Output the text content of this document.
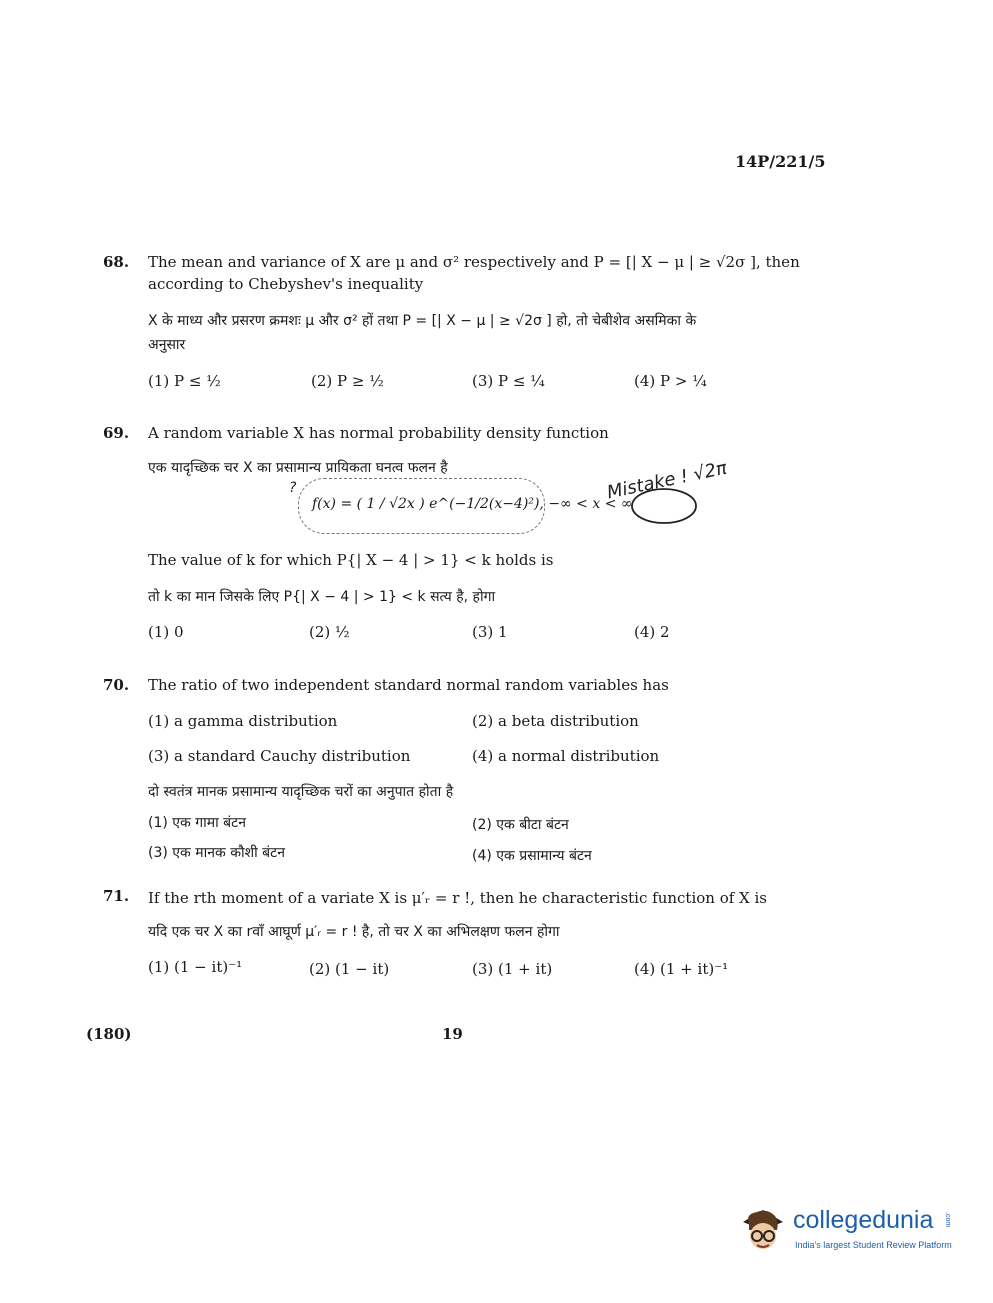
14P/221/5
68. The mean and variance of X are μ and σ² respectively and P = [| X − μ | ≥ √2σ ], then
according to Chebyshev's inequality
X के माध्य और प्रसरण क्रमशः μ और σ² हों तथा P = [| X − μ | ≥ √2σ ] हो, तो चेबीशेव असमिका के
अनुसार
(1) P ≤ ½	(2) P ≥ ½	(3) P ≤ ¼	(4) P > ¼
69. A random variable X has normal probability density function
एक यादृच्छिक चर X का प्रसामान्य प्रायिकता घनत्व फलन है
?
f(x) = ( 1 / √2x ) e^(−1/2(x−4)²), −∞ < x < ∞
Mistake ! √2π
The value of k for which P{| X − 4 | > 1} < k holds is
तो k का मान जिसके लिए P{| X − 4 | > 1} < k सत्य है, होगा
(1) 0	(2) ½	(3) 1	(4) 2
70. The ratio of two independent standard normal random variables has
(1) a gamma distribution	(2) a beta distribution
(3) a standard Cauchy distribution	(4) a normal distribution
दो स्वतंत्र मानक प्रसामान्य यादृच्छिक चरों का अनुपात होता है
(1) एक गामा बंटन	(2) एक बीटा बंटन
(3) एक मानक कौशी बंटन	(4) एक प्रसामान्य बंटन
71. If the rth moment of a variate X is μ′ᵣ = r !, then he characteristic function of X is
यदि एक चर X का rवाँ आघूर्ण μ′ᵣ = r ! है, तो चर X का अभिलक्षण फलन होगा
(1) (1 − it)⁻¹	(2) (1 − it)	(3) (1 + it)	(4) (1 + it)⁻¹
(180)	19
collegedunia .com
India's largest Student Review Platform
